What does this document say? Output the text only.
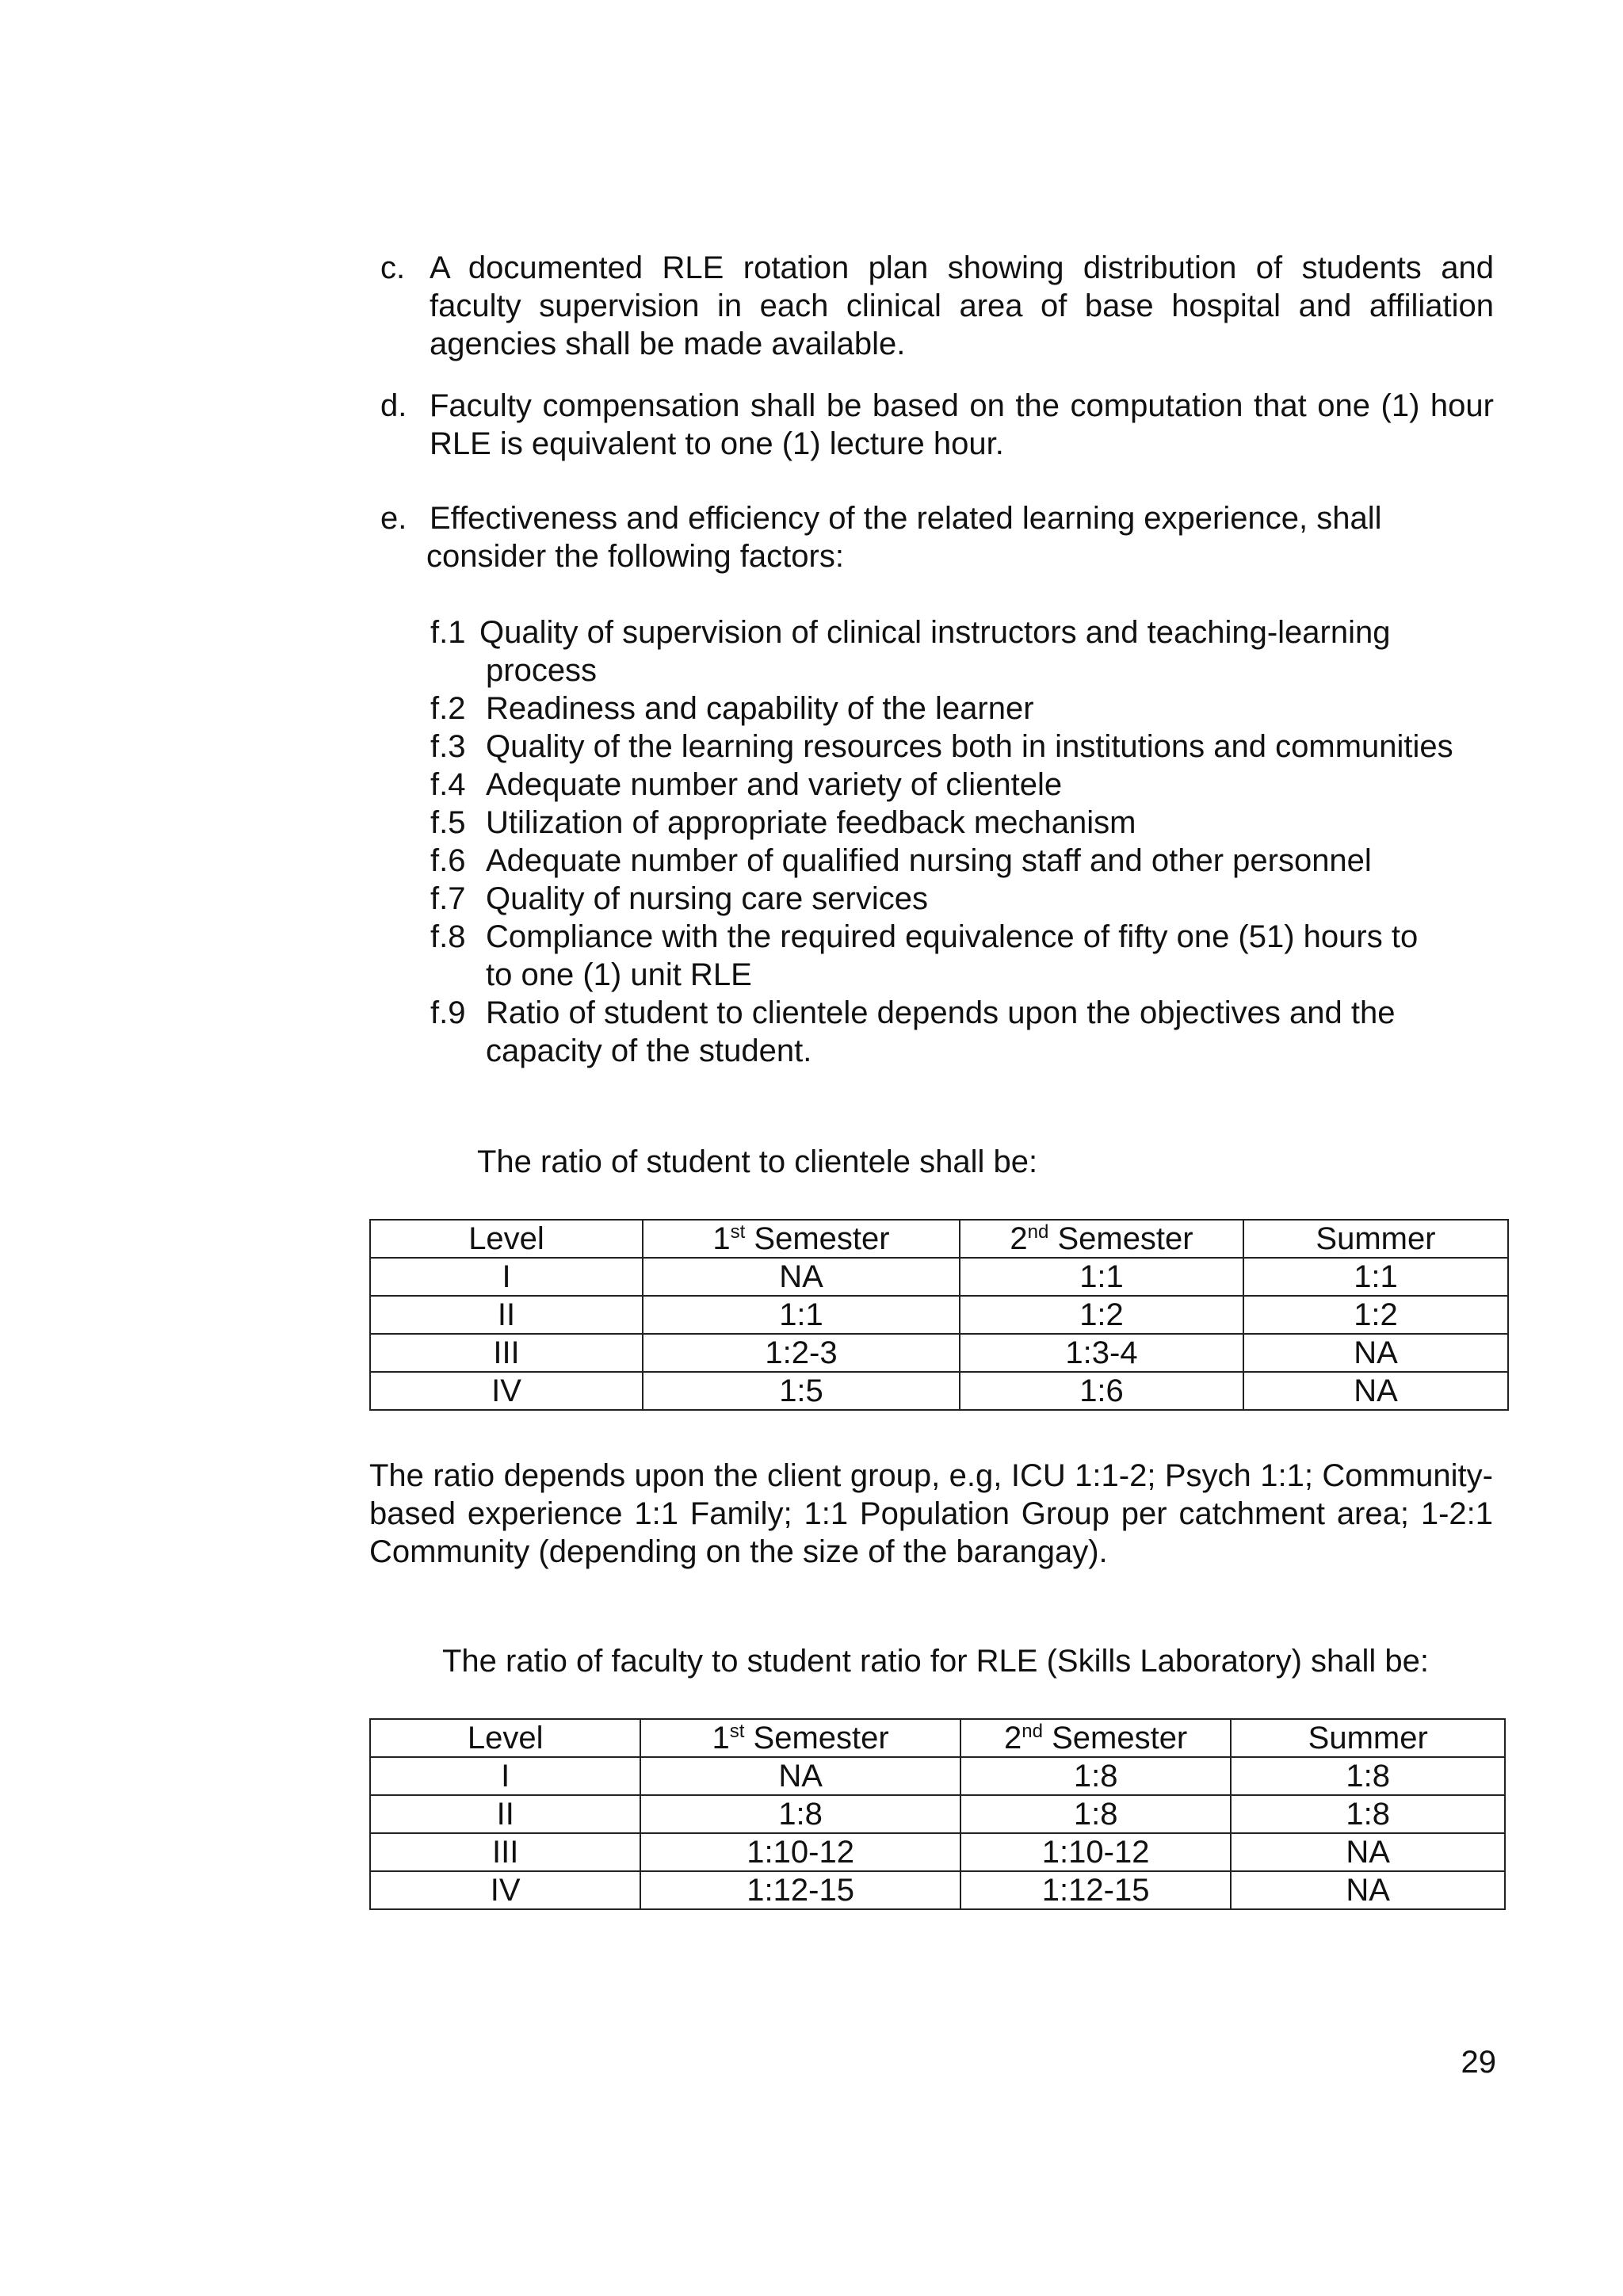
c. A documented RLE rotation plan showing distribution of students and faculty supervision in each clinical area of base hospital and affiliation agencies shall be made available.
d. Faculty compensation shall be based on the computation that one (1) hour RLE is equivalent to one (1) lecture hour.
e. Effectiveness and efficiency of the related learning experience, shall
consider the following factors:
f.1 Quality of supervision of clinical instructors and teaching-learning
process
f.2 Readiness and capability of the learner
f.3 Quality of the learning resources both in institutions and communities
f.4 Adequate number and variety of clientele
f.5 Utilization of appropriate feedback mechanism
f.6 Adequate number of qualified nursing staff and other personnel
f.7 Quality of nursing care services
f.8 Compliance with the required equivalence of fifty one (51) hours to
to one (1) unit RLE
f.9 Ratio of student to clientele depends upon the objectives and the
capacity of the student.
The ratio of student to clientele shall be:
Level	1st Semester	2nd Semester	Summer
I	NA	1:1	1:1
II	1:1	1:2	1:2
III	1:2-3	1:3-4	NA
IV	1:5	1:6	NA
The ratio depends upon the client group, e.g, ICU 1:1-2; Psych 1:1; Community-based experience 1:1 Family; 1:1 Population Group per catchment area; 1-2:1 Community (depending on the size of the barangay).
The ratio of faculty to student ratio for RLE (Skills Laboratory) shall be:
Level	1st Semester	2nd Semester	Summer
I	NA	1:8	1:8
II	1:8	1:8	1:8
III	1:10-12	1:10-12	NA
IV	1:12-15	1:12-15	NA
29
